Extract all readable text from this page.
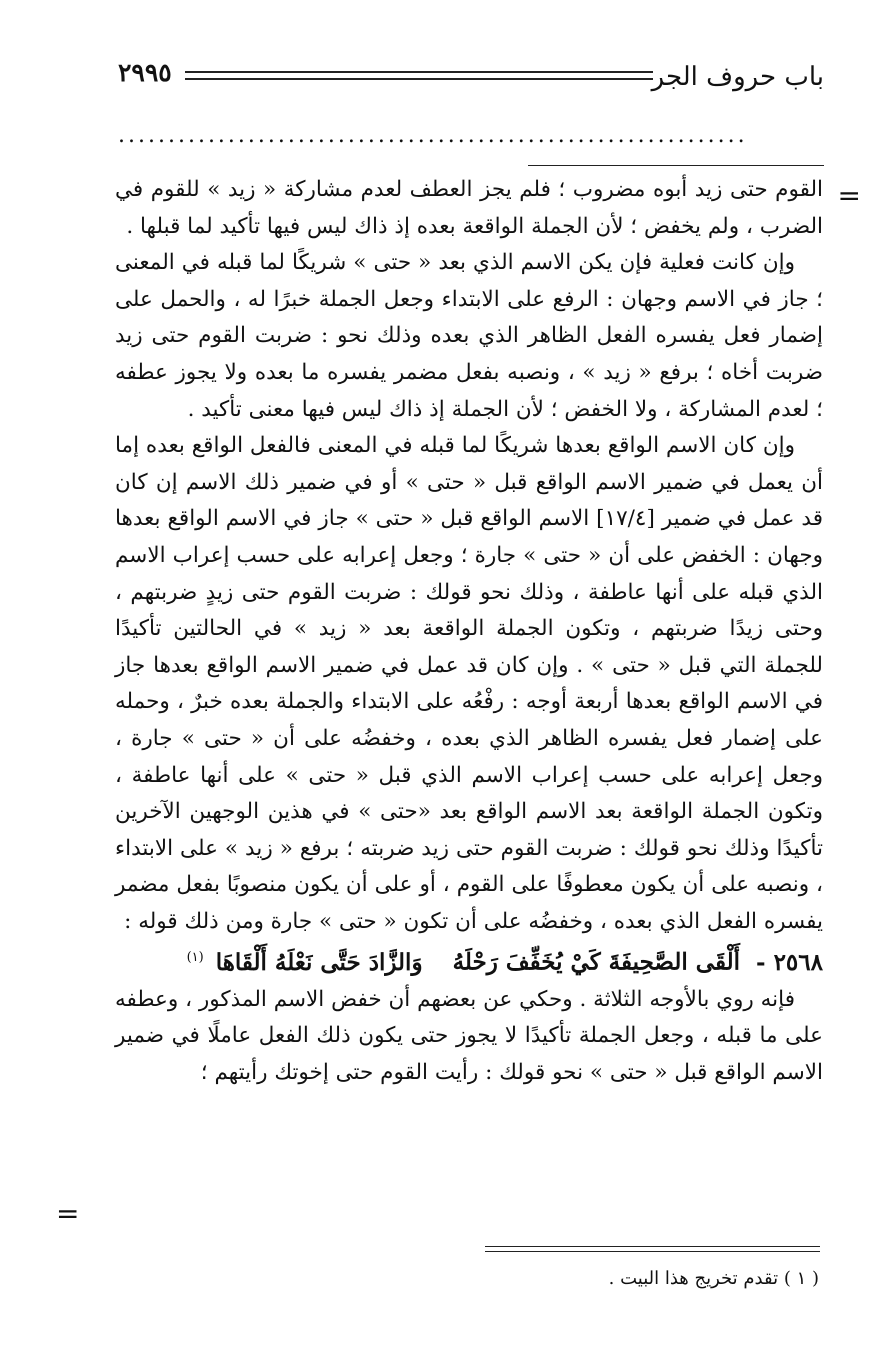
باب حروف الجر
٢٩٩٥
...............................................................
=

القوم حتى زيد أبوه مضروب ؛ فلم يجز العطف لعدم مشاركة « زيد » للقوم في الضرب ، ولم يخفض ؛ لأن الجملة الواقعة بعده إذ ذاك ليس فيها تأكيد لما قبلها .

وإن كانت فعلية فإن يكن الاسم الذي بعد « حتى » شريكًا لما قبله في المعنى ؛ جاز في الاسم وجهان : الرفع على الابتداء وجعل الجملة خبرًا له ، والحمل على إضمار فعل يفسره الفعل الظاهر الذي بعده وذلك نحو : ضربت القوم حتى زيد ضربت أخاه ؛ برفع « زيد » ، ونصبه بفعل مضمر يفسره ما بعده ولا يجوز عطفه ؛ لعدم المشاركة ، ولا الخفض ؛ لأن الجملة إذ ذاك ليس فيها معنى تأكيد .

وإن كان الاسم الواقع بعدها شريكًا لما قبله في المعنى فالفعل الواقع بعده إما أن يعمل في ضمير الاسم الواقع قبل « حتى » أو في ضمير ذلك الاسم إن كان قد عمل في ضمير [١٧/٤] الاسم الواقع قبل « حتى » جاز في الاسم الواقع بعدها وجهان : الخفض على أن « حتى » جارة ؛ وجعل إعرابه على حسب إعراب الاسم الذي قبله على أنها عاطفة ، وذلك نحو قولك : ضربت القوم حتى زيدٍ ضربتهم ، وحتى زيدًا ضربتهم ، وتكون الجملة الواقعة بعد « زيد » في الحالتين تأكيدًا للجملة التي قبل « حتى » . وإن كان قد عمل في ضمير الاسم الواقع بعدها جاز في الاسم الواقع بعدها أربعة أوجه : رفْعُه على الابتداء والجملة بعده خبرٌ ، وحمله على إضمار فعل يفسره الظاهر الذي بعده ، وخفضُه على أن « حتى » جارة ، وجعل إعرابه على حسب إعراب الاسم الذي قبل « حتى » على أنها عاطفة ، وتكون الجملة الواقعة بعد الاسم الواقع بعد «حتى » في هذين الوجهين الآخرين تأكيدًا وذلك نحو قولك : ضربت القوم حتى زيد ضربته ؛ برفع « زيد » على الابتداء ، ونصبه على أن يكون معطوفًا على القوم ، أو على أن يكون منصوبًا بفعل مضمر يفسره الفعل الذي بعده ، وخفضُه على أن تكون « حتى » جارة ومن ذلك قوله :

٢٥٦٨ - أَلْقَى الصَّحِيفَةَ كَيْ يُخَفِّفَ رَحْلَهُ وَالزَّادَ حَتَّى نَعْلَهُ أَلْقَاهَا $^{(١)}$

فإنه روي بالأوجه الثلاثة . وحكي عن بعضهم أن خفض الاسم المذكور ، وعطفه على ما قبله ، وجعل الجملة تأكيدًا لا يجوز حتى يكون ذلك الفعل عاملًا في ضمير الاسم الواقع قبل « حتى » نحو قولك : رأيت القوم حتى إخوتك رأيتهم ؛

=
( ١ ) تقدم تخريج هذا البيت .
